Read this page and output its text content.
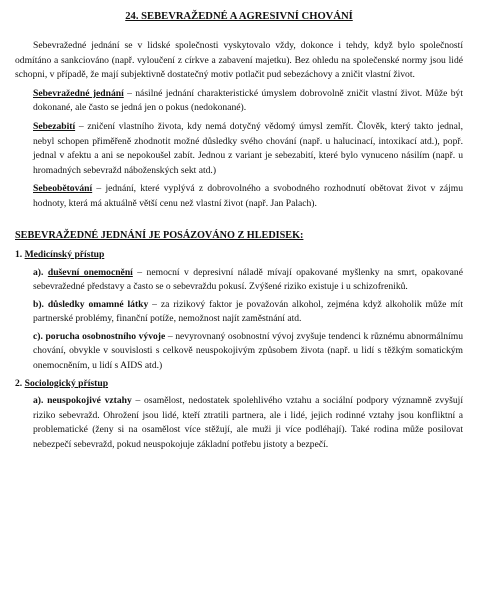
24. SEBEVRAŽEDNÉ A AGRESIVNÍ CHOVÁNÍ

Sebevražedné jednání se v lidské společnosti vyskytovalo vždy, dokonce i tehdy, když bylo společností odmítáno a sankciováno (např. vyloučení z církve a zabavení majetku). Bez ohledu na společenské normy jsou lidé schopni, v případě, že mají subjektivně dostatečný motiv potlačit pud sebezáchovy a zničit vlastní život.

Sebevražedné jednání – násilné jednání charakteristické úmyslem dobrovolně zničit vlastní život. Může být dokonané, ale často se jedná jen o pokus (nedokonané).
Sebezabití – zničení vlastního života, kdy nemá dotyčný vědomý úmysl zemřít. Člověk, který takto jednal, nebyl schopen přiměřeně zhodnotit možné důsledky svého chování (např. u halucinací, intoxikací atd.), popř. jednal v afektu a ani se nepokoušel zabít. Jednou z variant je sebezabití, které bylo vynuceno násilím (např. u hromadných sebevražd náboženských sekt atd.)
Sebeobětování – jednání, které vyplývá z dobrovolného a svobodného rozhodnutí obětovat život v zájmu hodnoty, která má aktuálně větší cenu než vlastní život (např. Jan Palach).
SEBEVRAŽEDNÉ JEDNÁNÍ JE POSÁZOVÁNO Z HLEDISEK:
1. Medicínský přístup
a). duševní onemocnění – nemocní v depresivní náladě mívají opakované myšlenky na smrt, opakované sebevražedné představy a často se o sebevraždu pokusí. Zvýšené riziko existuje i u schizofreniků.
b). důsledky omamné látky – za rizikový faktor je považován alkohol, zejména když alkoholik může mít partnerské problémy, finanční potíže, nemožnost najít zaměstnání atd.
c). porucha osobnostního vývoje – nevyrovnaný osobnostní vývoj zvyšuje tendenci k různému abnormálnímu chování, obvykle v souvislosti s celkově neuspokojivým způsobem života (např. u lidí s těžkým somatickým onemocněním, u lidí s AIDS atd.)
2. Sociologický přístup
a). neuspokojivé vztahy – osamělost, nedostatek spolehlivého vztahu a sociální podpory významně zvyšují riziko sebevražd. Ohrožení jsou lidé, kteří ztratili partnera, ale i lidé, jejich rodinné vztahy jsou konfliktní a problematické (ženy si na osamělost více stěžují, ale muži ji více podléhají). Také rodina může posilovat nebezpečí sebevražd, pokud neuspokojuje základní potřebu jistoty a bezpečí.
